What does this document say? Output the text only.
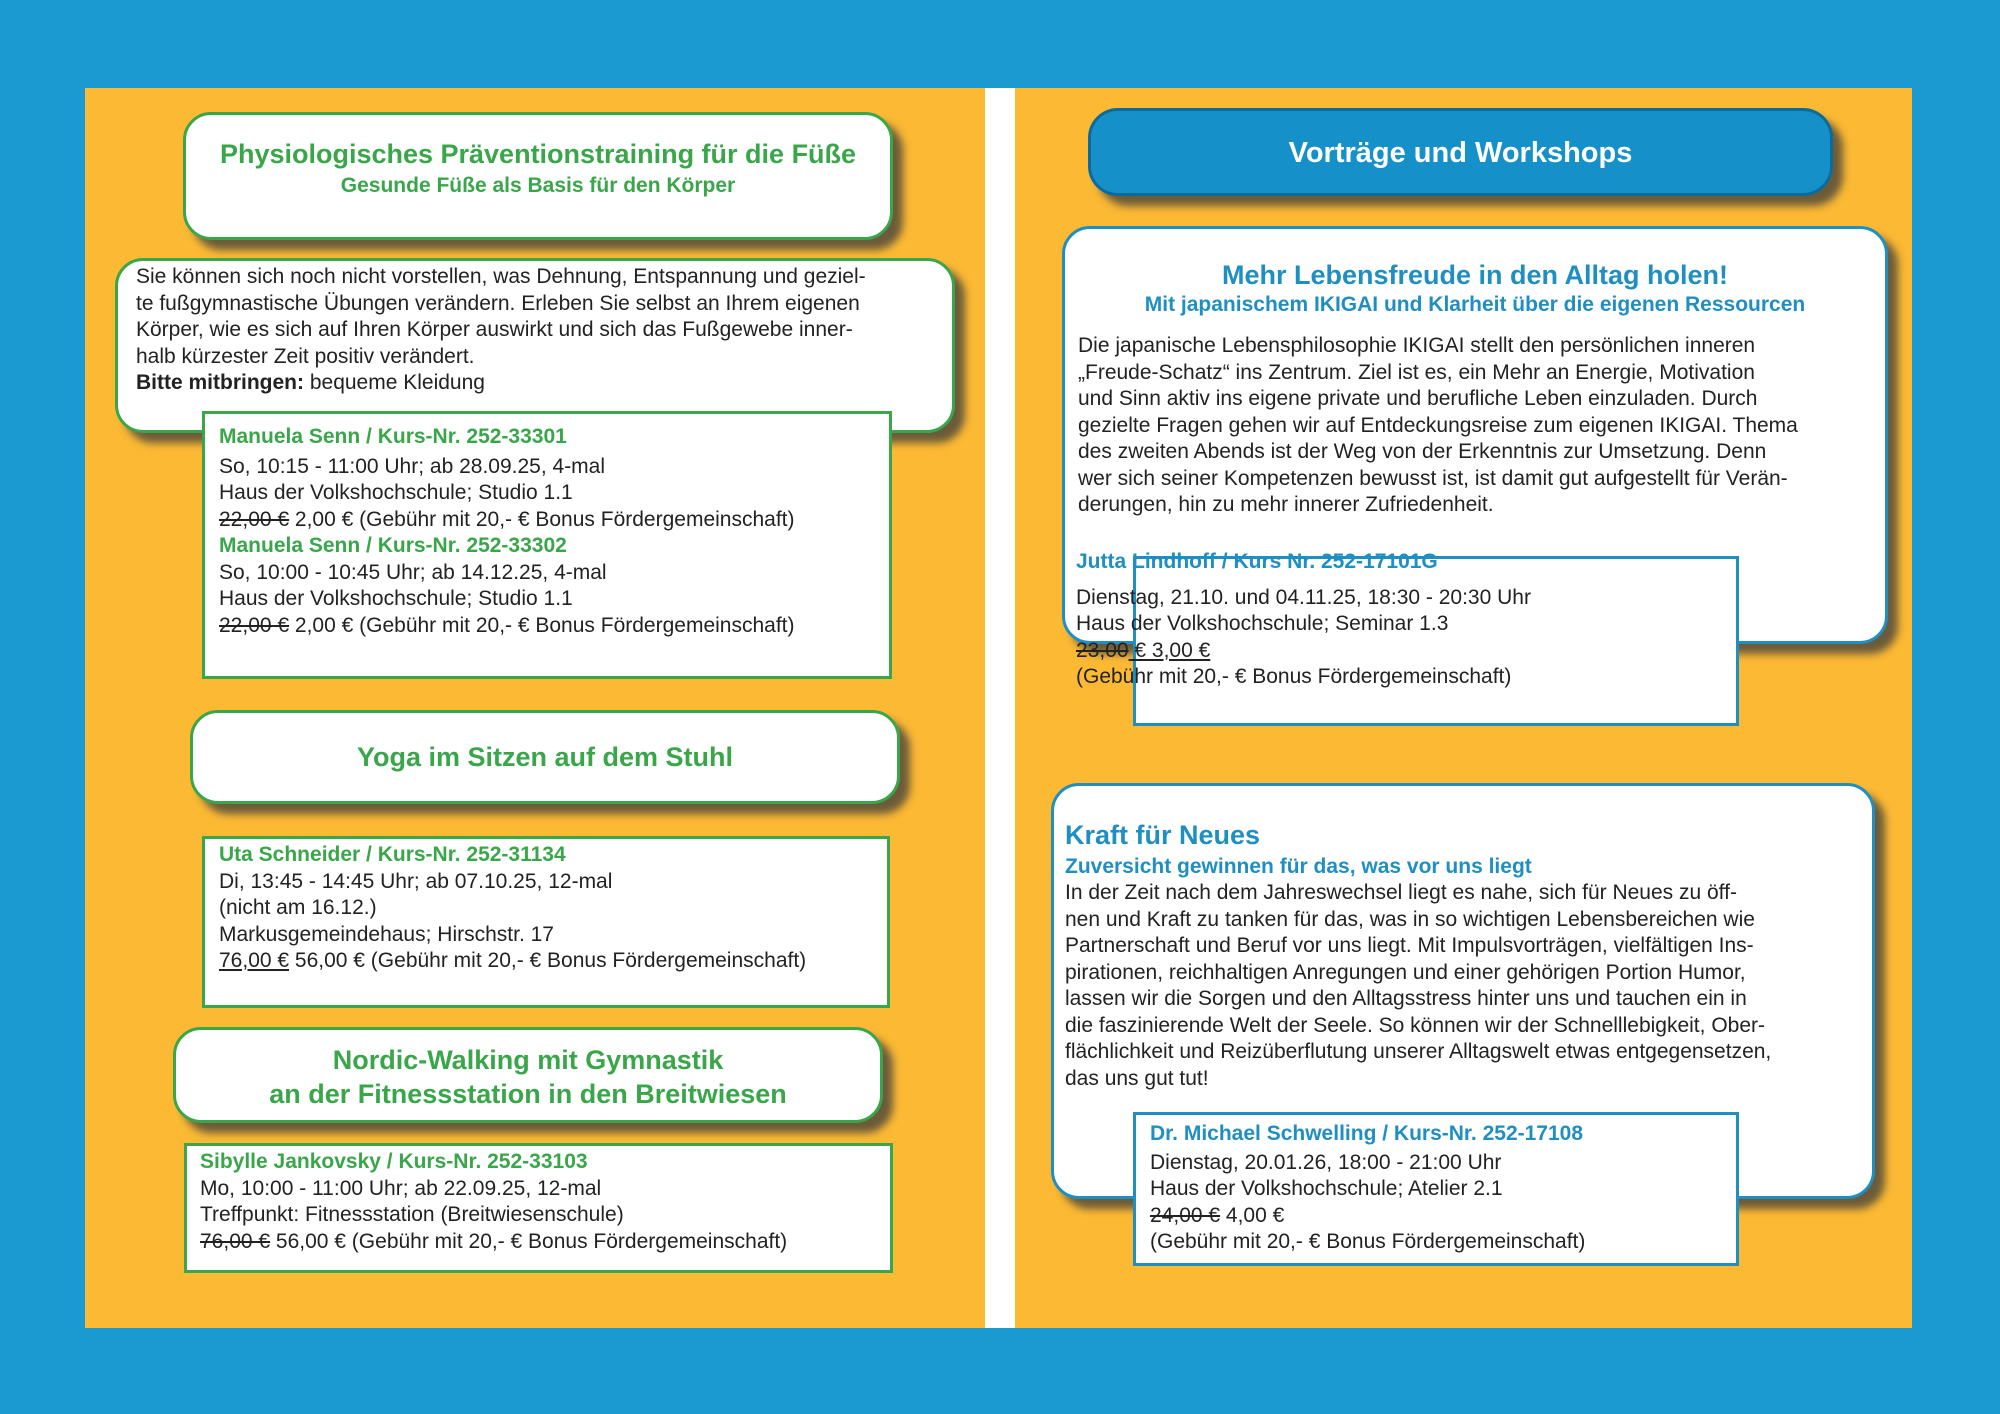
Physiologisches Präventionstraining für die Füße
Gesunde Füße als Basis für den Körper

Sie können sich noch nicht vorstellen, was Dehnung, Entspannung und geziel-

te fußgymnastische Übungen verändern. Erleben Sie selbst an Ihrem eigenen

Körper, wie es sich auf Ihren Körper auswirkt und sich das Fußgewebe inner-

halb kürzester Zeit positiv verändert.

Bitte mitbringen: bequeme Kleidung

Manuela Senn / Kurs-Nr. 252-33301
So, 10:15 - 11:00 Uhr; ab 28.09.25, 4-mal
Haus der Volkshochschule; Studio 1.1
22,00 € 2,00 € (Gebühr mit 20,- € Bonus Fördergemeinschaft)
Manuela Senn / Kurs-Nr. 252-33302
So, 10:00 - 10:45 Uhr; ab 14.12.25, 4-mal
Haus der Volkshochschule; Studio 1.1
22,00 € 2,00 € (Gebühr mit 20,- € Bonus Fördergemeinschaft)
Yoga im Sitzen auf dem Stuhl
Uta Schneider / Kurs-Nr. 252-31134
Di, 13:45 - 14:45 Uhr; ab 07.10.25, 12-mal
(nicht am 16.12.)
Markusgemeindehaus; Hirschstr. 17
76,00 € 56,00 € (Gebühr mit 20,- € Bonus Fördergemeinschaft)
Nordic-Walking mit Gymnastik
an der Fitnessstation in den Breitwiesen
Sibylle Jankovsky / Kurs-Nr. 252-33103
Mo, 10:00 - 11:00 Uhr; ab 22.09.25, 12-mal
Treffpunkt: Fitnessstation (Breitwiesenschule)
76,00 € 56,00 € (Gebühr mit 20,- € Bonus Fördergemeinschaft)
Vorträge und Workshops
Mehr Lebensfreude in den Alltag holen!
Mit japanischem IKIGAI und Klarheit über die eigenen Ressourcen

Die japanische Lebensphilosophie IKIGAI stellt den persönlichen inneren

„Freude-Schatz“ ins Zentrum. Ziel ist es, ein Mehr an Energie, Motivation

und Sinn aktiv ins eigene private und berufliche Leben einzuladen. Durch

gezielte Fragen gehen wir auf Entdeckungsreise zum eigenen IKIGAI. Thema

des zweiten Abends ist der Weg von der Erkenntnis zur Umsetzung. Denn

wer sich seiner Kompetenzen bewusst ist, ist damit gut aufgestellt für Verän-

derungen, hin zu mehr innerer Zufriedenheit.

Jutta Lindhoff / Kurs Nr. 252-17101G
Dienstag, 21.10. und 04.11.25, 18:30 - 20:30 Uhr
Haus der Volkshochschule; Seminar 1.3
23,00 € 3,00 €
(Gebühr mit 20,- € Bonus Fördergemeinschaft)
Kraft für Neues
Zuversicht gewinnen für das, was vor uns liegt

In der Zeit nach dem Jahreswechsel liegt es nahe, sich für Neues zu öff-

nen und Kraft zu tanken für das, was in so wichtigen Lebensbereichen wie

Partnerschaft und Beruf vor uns liegt. Mit Impulsvorträgen, vielfältigen Ins-

pirationen, reichhaltigen Anregungen und einer gehörigen Portion Humor,

lassen wir die Sorgen und den Alltagsstress hinter uns und tauchen ein in

die faszinierende Welt der Seele. So können wir der Schnelllebigkeit, Ober-

flächlichkeit und Reizüberflutung unserer Alltagswelt etwas entgegensetzen,

das uns gut tut!

Dr. Michael Schwelling / Kurs-Nr. 252-17108
Dienstag, 20.01.26, 18:00 - 21:00 Uhr
Haus der Volkshochschule; Atelier 2.1
24,00 € 4,00 €
(Gebühr mit 20,- € Bonus Fördergemeinschaft)
